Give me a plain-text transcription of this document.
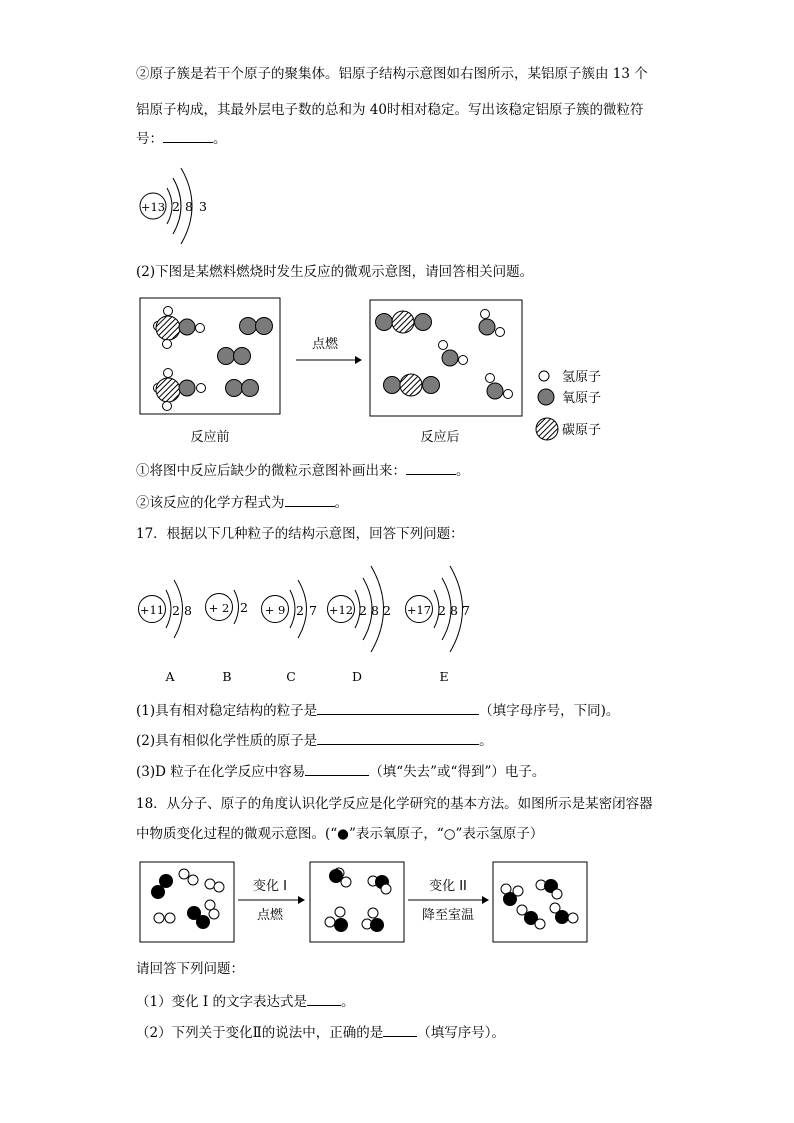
②原子簇是若干个原子的聚集体。铝原子结构示意图如右图所示，某铝原子簇由 13 个
铝原子构成，其最外层电子数的总和为 40时相对稳定。写出该稳定铝原子簇的微粒符
号：	。
+13 2 8 3
(2)下图是某燃料燃烧时发生反应的微观示意图，请回答相关问题。
点燃
氢原子
氧原子
碳原子
反应前	反应后
①将图中反应后缺少的微粒示意图补画出来：	。
②该反应的化学方程式为	。
17．根据以下几种粒子的结构示意图，回答下列问题：
+11 2 8
A
+ 2 2
B
+ 9 2 7
C
+12 2 8 2
D
+17 2 8 7
E
(1)具有相对稳定结构的粒子是	（填字母序号，下同)。
(2)具有相似化学性质的原子是	。
(3)D 粒子在化学反应中容易	（填“失去”或“得到”）电子。
18．从分子、原子的角度认识化学反应是化学研究的基本方法。如图所示是某密闭容器
中物质变化过程的微观示意图。(“●”表示氧原子，“○”表示氢原子）
变化 I
点燃
变化 II
降至室温
请回答下列问题：
（1）变化 I 的文字表达式是	。
（2）下列关于变化Ⅱ的说法中，正确的是	（填写序号）。
